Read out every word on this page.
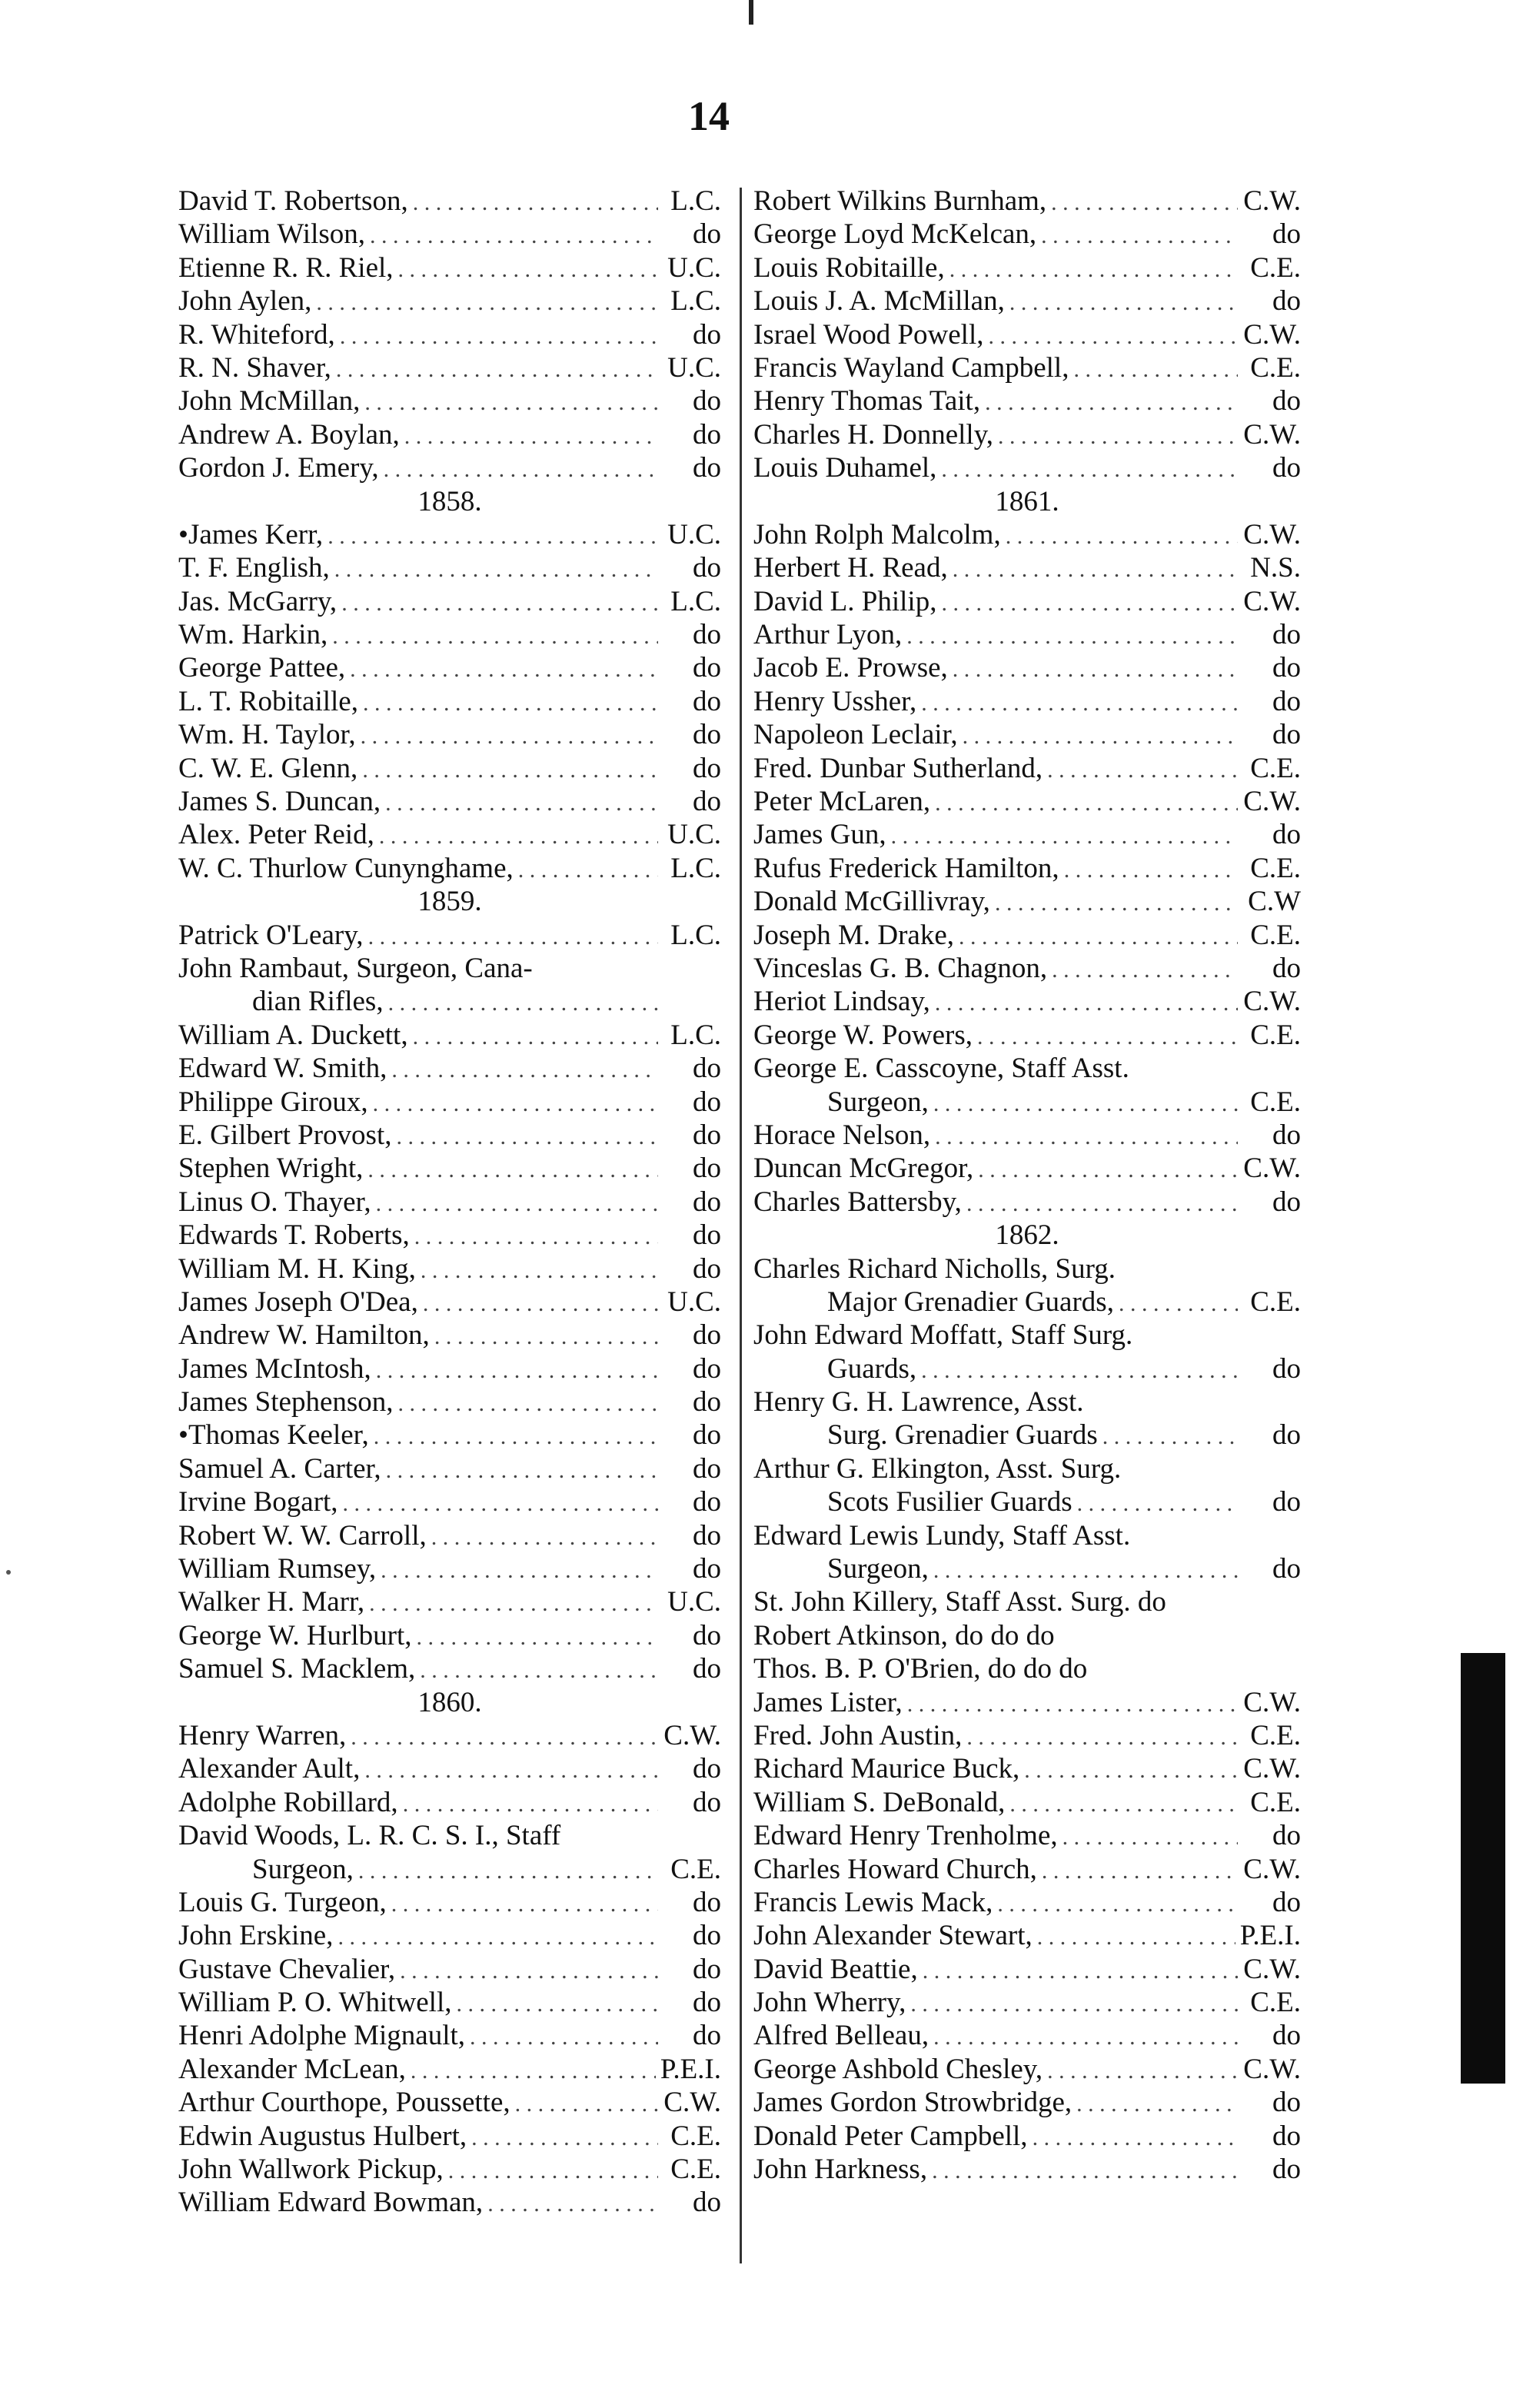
14
David T. Robertson, . . .	L.C.
William Wilson, . . .	do
Etienne R. R. Riel, . . .	U.C.
John Aylen, . . .	L.C.
R. Whiteford, . . .	do
R. N. Shaver, . . .	U.C.
John McMillan, . . .	do
Andrew A. Boylan, . . .	do
Gordon J. Emery, . . .	do
1858.
•James Kerr, . . .	U.C.
T. F. English, . . .	do
Jas. McGarry, . . .	L.C.
Wm. Harkin, . . .	do
George Pattee, . . .	do
L. T. Robitaille, . . .	do
Wm. H. Taylor, . . .	do
C. W. E. Glenn, . . .	do
James S. Duncan, . . .	do
Alex. Peter Reid, . . .	U.C.
W. C. Thurlow Cunynghame, . . .	L.C.
1859.
Patrick O'Leary, . . .	L.C.
John Rambaut, Surgeon, Cana-
dian Rifles,
. . .
William A. Duckett, . . .	L.C.
Edward W. Smith, . . .	do
Philippe Giroux, . . .	do
E. Gilbert Provost, . . .	do
Stephen Wright, . . .	do
Linus O. Thayer, . . .	do
Edwards T. Roberts, . . .	do
William M. H. King, . . .	do
James Joseph O'Dea, . . .	U.C.
Andrew W. Hamilton, . . .	do
James McIntosh, . . .	do
James Stephenson, . . .	do
•Thomas Keeler, . . .	do
Samuel A. Carter, . . .	do
Irvine Bogart, . . .	do
Robert W. W. Carroll, . . .	do
William Rumsey, . . .	do
Walker H. Marr, . . .	U.C.
George W. Hurlburt, . . .	do
Samuel S. Macklem, . . .	do
1860.
Henry Warren, . . .	C.W.
Alexander Ault, . . .	do
Adolphe Robillard, . . .	do
David Woods, L. R. C. S. I., Staff
Surgeon, . . .	C.E.
Louis G. Turgeon, . . .	do
John Erskine, . . .	do
Gustave Chevalier, . . .	do
William P. O. Whitwell, . . .	do
Henri Adolphe Mignault, . . .	do
Alexander McLean, . . .	P.E.I.
Arthur Courthope, Poussette, . . .	C.W.
Edwin Augustus Hulbert, . . .	C.E.
John Wallwork Pickup, . . .	C.E.
William Edward Bowman, . . .	do
Robert Wilkins Burnham, . . .	C.W.
George Loyd McKelcan, . . .	do
Louis Robitaille, . . .	C.E.
Louis J. A. McMillan, . . .	do
Israel Wood Powell, . . .	C.W.
Francis Wayland Campbell, . . .	C.E.
Henry Thomas Tait, . . .	do
Charles H. Donnelly, . . .	C.W.
Louis Duhamel, . . .	do
1861.
John Rolph Malcolm, . . .	C.W.
Herbert H. Read, . . .	N.S.
David L. Philip, . . .	C.W.
Arthur Lyon, . . .	do
Jacob E. Prowse, . . .	do
Henry Ussher, . . .	do
Napoleon Leclair, . . .	do
Fred. Dunbar Sutherland, . . .	C.E.
Peter McLaren, . . .	C.W.
James Gun, . . .	do
Rufus Frederick Hamilton, . . .	C.E.
Donald McGillivray, . . .	C.W
Joseph M. Drake, . . .	C.E.
Vinceslas G. B. Chagnon, . . .	do
Heriot Lindsay, . . .	C.W.
George W. Powers, . . .	C.E.
George E. Casscoyne, Staff Asst.
Surgeon, . . .	C.E.
Horace Nelson, . . .	do
Duncan McGregor, . . .	C.W.
Charles Battersby, . . .	do
1862.
Charles Richard Nicholls, Surg.
Major Grenadier Guards, . . .	C.E.
John Edward Moffatt, Staff Surg.
Guards, . . .	do
Henry G. H. Lawrence, Asst.
Surg. Grenadier Guards . . .	do
Arthur G. Elkington, Asst. Surg.
Scots Fusilier Guards . . .	do
Edward Lewis Lundy, Staff Asst.
Surgeon, . . .	do
St. John Killery, Staff Asst. Surg. do
Robert Atkinson, do do do
Thos. B. P. O'Brien, do do do
James Lister, . . .	C.W.
Fred. John Austin, . . .	C.E.
Richard Maurice Buck, . . .	C.W.
William S. DeBonald, . . .	C.E.
Edward Henry Trenholme, . . .	do
Charles Howard Church, . . .	C.W.
Francis Lewis Mack, . . .	do
John Alexander Stewart, . . .	P.E.I.
David Beattie, . . .	C.W.
John Wherry, . . .	C.E.
Alfred Belleau, . . .	do
George Ashbold Chesley, . . .	C.W.
James Gordon Strowbridge, . . .	do
Donald Peter Campbell, . . .	do
John Harkness, . . .	do
